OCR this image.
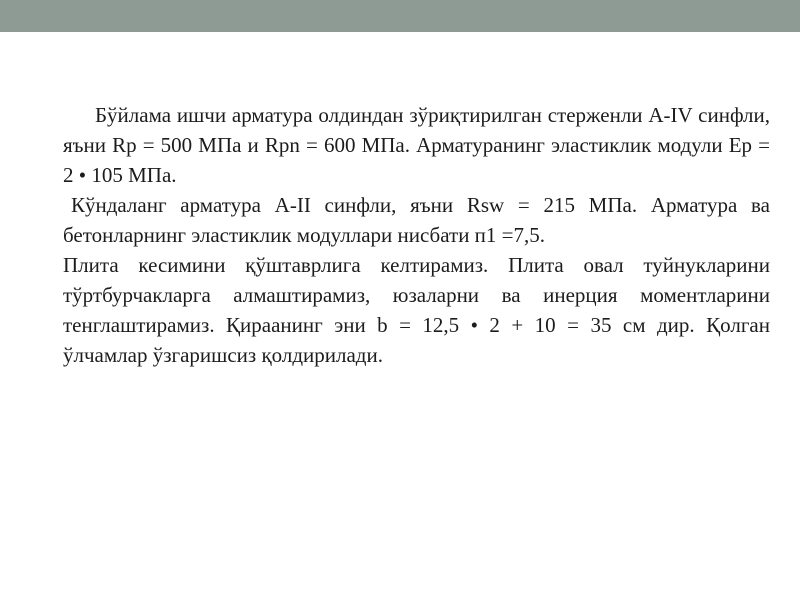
Бўйлама ишчи арматура олдиндан зўриқтирилган стерженли А-IV синфли, яъни Rp = 500 МПа и Rpn = 600 МПа. Арматуранинг эластиклик модули Ep = 2 • 105 МПа.

Кўндаланг арматура А-II синфли, яъни Rsw = 215 МПа. Арматура ва бетонларнинг эластиклик модуллари нисбати п1 =7,5.

Плита кесимини қўштаврлига келтирамиз. Плита овал туйнукларини тўртбурчакларга алмаштирамиз, юзаларни ва инерция моментларини тенглаштирамиз. Қираанинг эни b = 12,5 • 2 + 10 = 35 см дир. Қолган ўлчамлар ўзгаришсиз қолдирилади.
